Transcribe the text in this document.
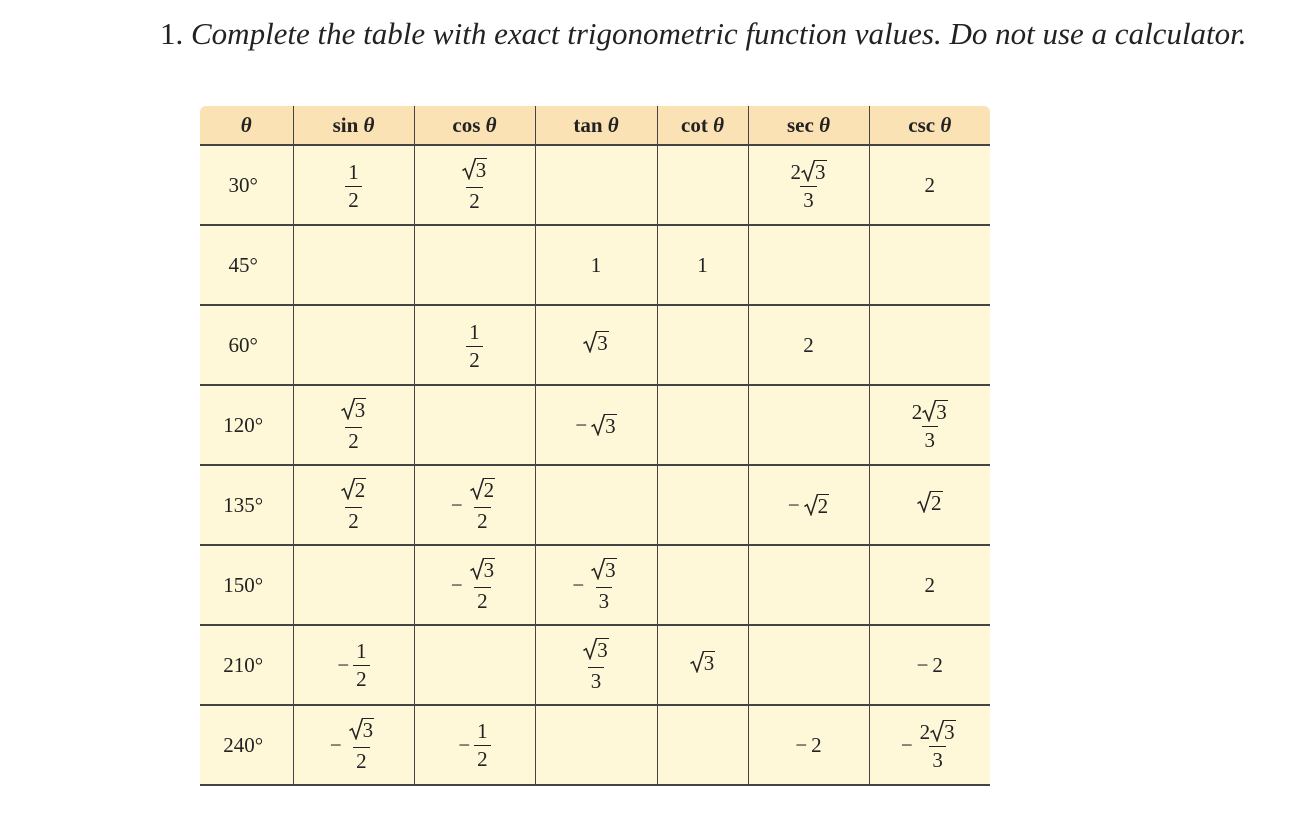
1. Complete the table with exact trigonometric function values. Do not use a calculator.
θ	sin θ	cos θ	tan θ	cot θ	sec θ	csc θ
30°	$\frac{1}{2}$	$\frac{3}{2}$			$\frac{2 3}{3}$	2

45°			1	1		

60°		$\frac{1}{2}$	3		2	

120°	$\frac{3}{2}$		− 3			$\frac{2 3}{3}$

135°	$\frac{2}{2}$	− $\frac{2}{2}$			− 2	2

150°		− $\frac{3}{2}$	− $\frac{3}{3}$			2

210°	− $\frac{1}{2}$		$\frac{3}{3}$	3		− 2

240°	− $\frac{3}{2}$	− $\frac{1}{2}$			− 2	− $\frac{2 3}{3}$
